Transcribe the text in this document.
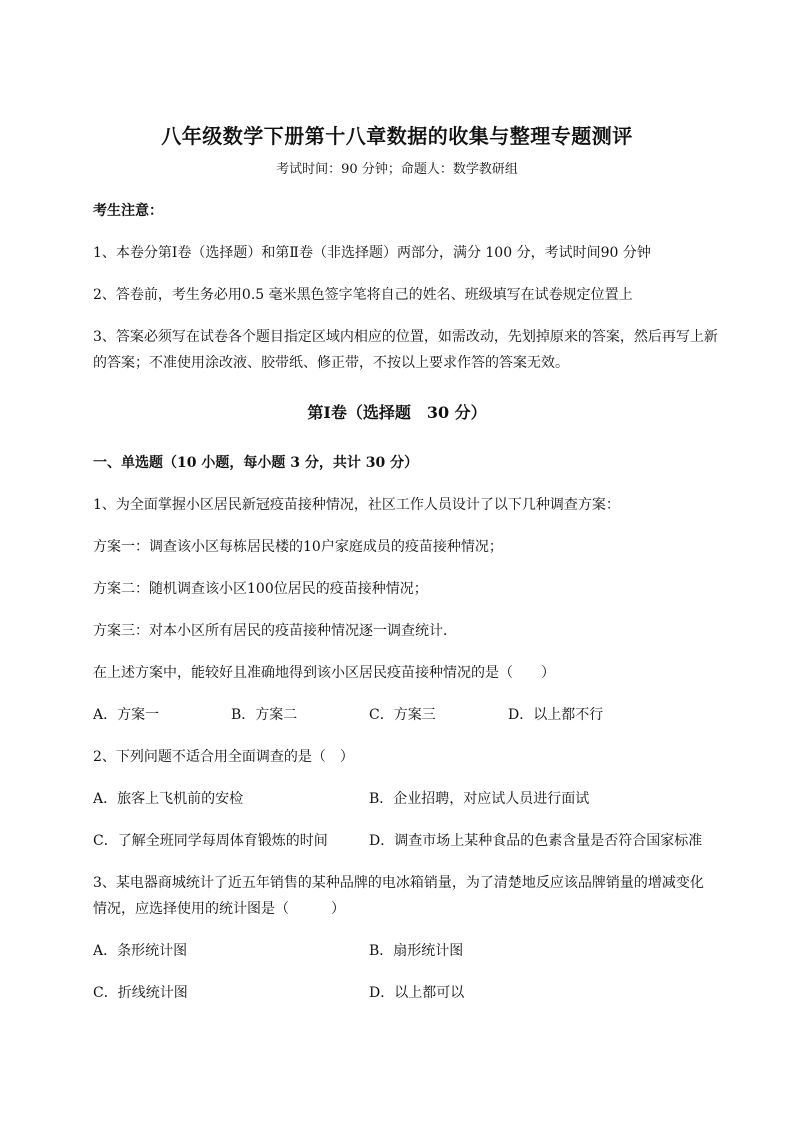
八年级数学下册第十八章数据的收集与整理专题测评
考试时间：90 分钟；命题人：数学教研组
考生注意：
1、本卷分第Ⅰ卷（选择题）和第Ⅱ卷（非选择题）两部分，满分 100 分，考试时间90 分钟
2、答卷前，考生务必用0.5 毫米黑色签字笔将自己的姓名、班级填写在试卷规定位置上
3、答案必须写在试卷各个题目指定区域内相应的位置，如需改动，先划掉原来的答案，然后再写上新
的答案；不准使用涂改液、胶带纸、修正带，不按以上要求作答的答案无效。
第Ⅰ卷（选择题　30 分）
一、单选题（10 小题，每小题 3 分，共计 30 分）
1、为全面掌握小区居民新冠疫苗接种情况，社区工作人员设计了以下几种调查方案：
方案一：调查该小区每栋居民楼的10户家庭成员的疫苗接种情况；
方案二：随机调查该小区100位居民的疫苗接种情况；
方案三：对本小区所有居民的疫苗接种情况逐一调查统计．
在上述方案中，能较好且准确地得到该小区居民疫苗接种情况的是（　　）
A．方案一	B．方案二	C．方案三	D．以上都不行
2、下列问题不适合用全面调查的是（　）
A．旅客上飞机前的安检	B．企业招聘，对应试人员进行面试
C．了解全班同学每周体育锻炼的时间	D．调查市场上某种食品的色素含量是否符合国家标准
3、某电器商城统计了近五年销售的某种品牌的电冰箱销量，为了清楚地反应该品牌销量的增减变化
情况，应选择使用的统计图是（　　　）
A．条形统计图	B．扇形统计图
C．折线统计图	D．以上都可以
